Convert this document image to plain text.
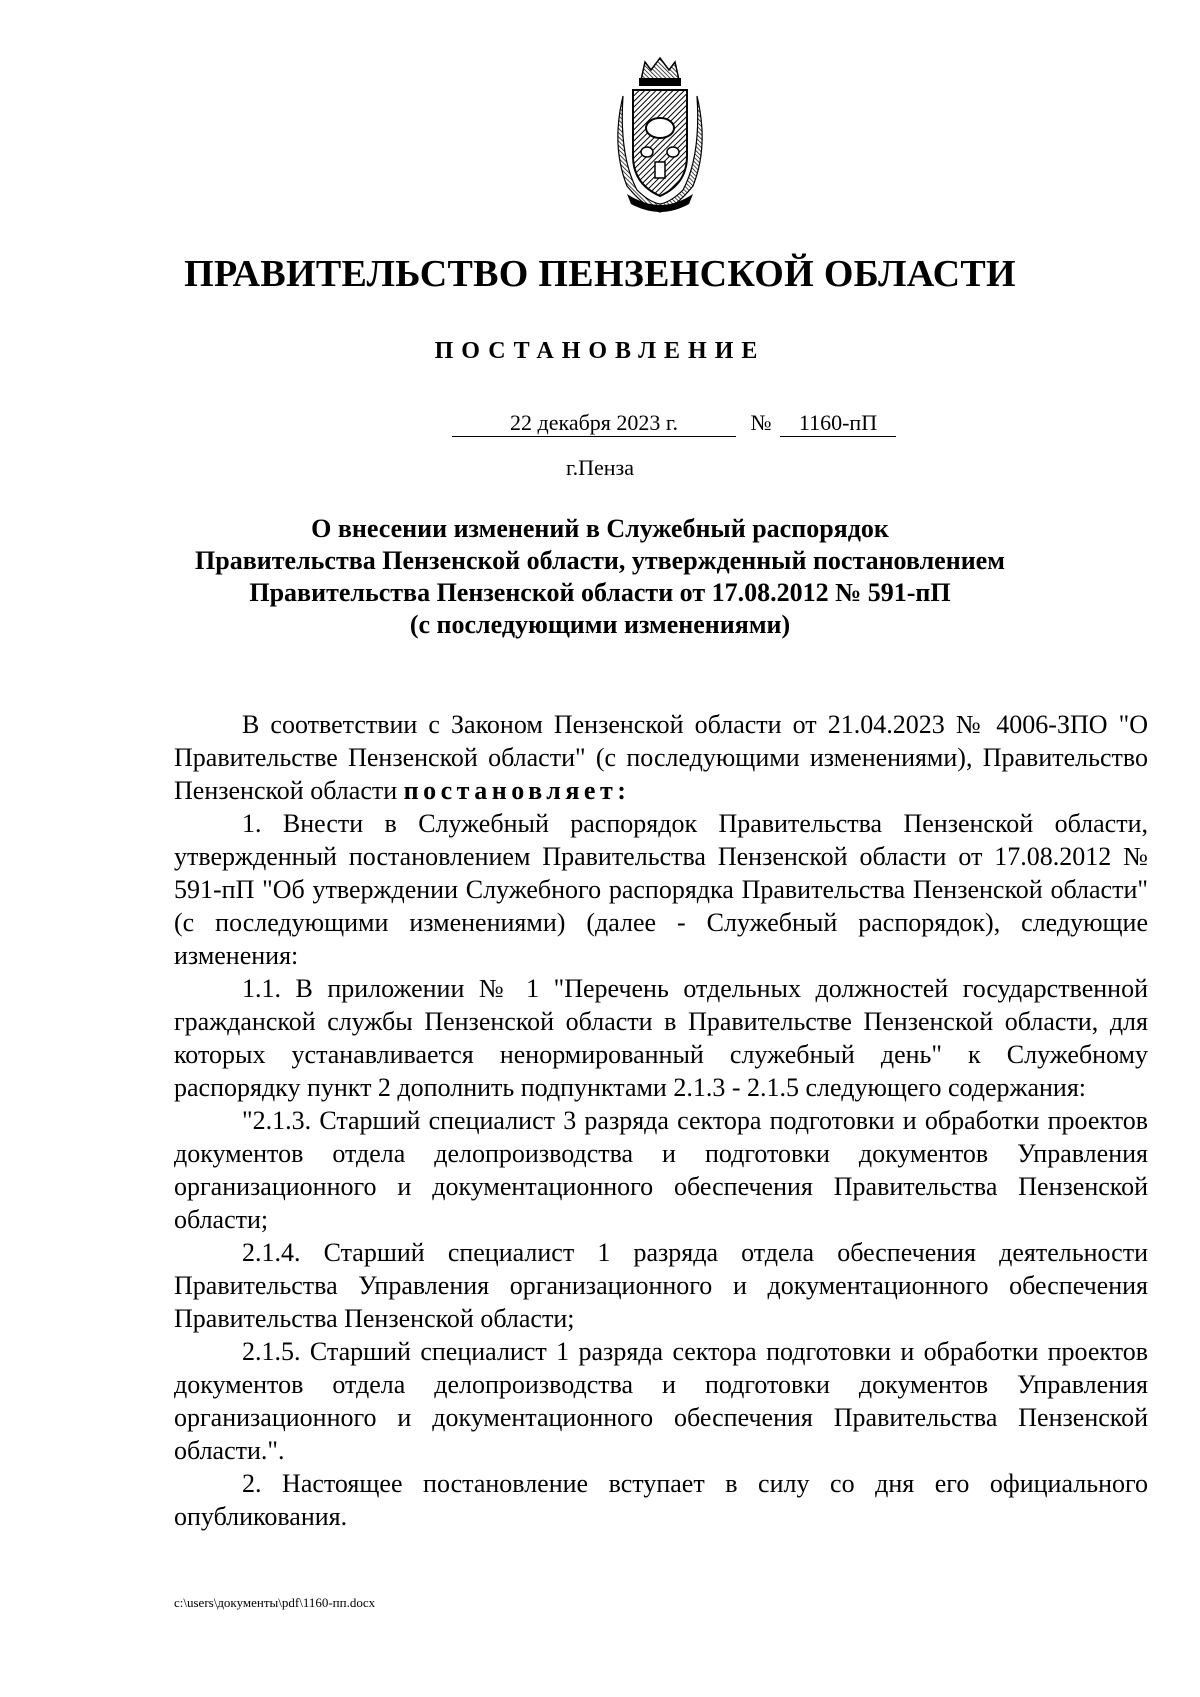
ПРАВИТЕЛЬСТВО ПЕНЗЕНСКОЙ ОБЛАСТИ
ПОСТАНОВЛЕНИЕ
22 декабря 2023 г.	№	1160-пП
г.Пенза
О внесении изменений в Служебный распорядок
Правительства Пензенской области, утвержденный постановлением
Правительства Пензенской области от 17.08.2012 № 591-пП
(с последующими изменениями)

В соответствии с Законом Пензенской области от 21.04.2023 № 4006-ЗПО "О Правительстве Пензенской области" (с последующими изменениями), Правительство Пензенской области постановляет:

1. Внести в Служебный распорядок Правительства Пензенской области, утвержденный постановлением Правительства Пензенской области от 17.08.2012 № 591-пП "Об утверждении Служебного распорядка Правительства Пензенской области" (с последующими изменениями) (далее - Служебный распорядок), следующие изменения:

1.1. В приложении № 1 "Перечень отдельных должностей государственной гражданской службы Пензенской области в Правительстве Пензенской области, для которых устанавливается ненормированный служебный день" к Служебному распорядку пункт 2 дополнить подпунктами 2.1.3 - 2.1.5 следующего содержания:

"2.1.3. Старший специалист 3 разряда сектора подготовки и обработки проектов документов отдела делопроизводства и подготовки документов Управления организационного и документационного обеспечения Правительства Пензенской области;

2.1.4. Старший специалист 1 разряда отдела обеспечения деятельности Правительства Управления организационного и документационного обеспечения Правительства Пензенской области;

2.1.5. Старший специалист 1 разряда сектора подготовки и обработки проектов документов отдела делопроизводства и подготовки документов Управления организационного и документационного обеспечения Правительства Пензенской области.".

2. Настоящее постановление вступает в силу со дня его официального опубликования.

c:\users\документы\pdf\1160-пп.docx
